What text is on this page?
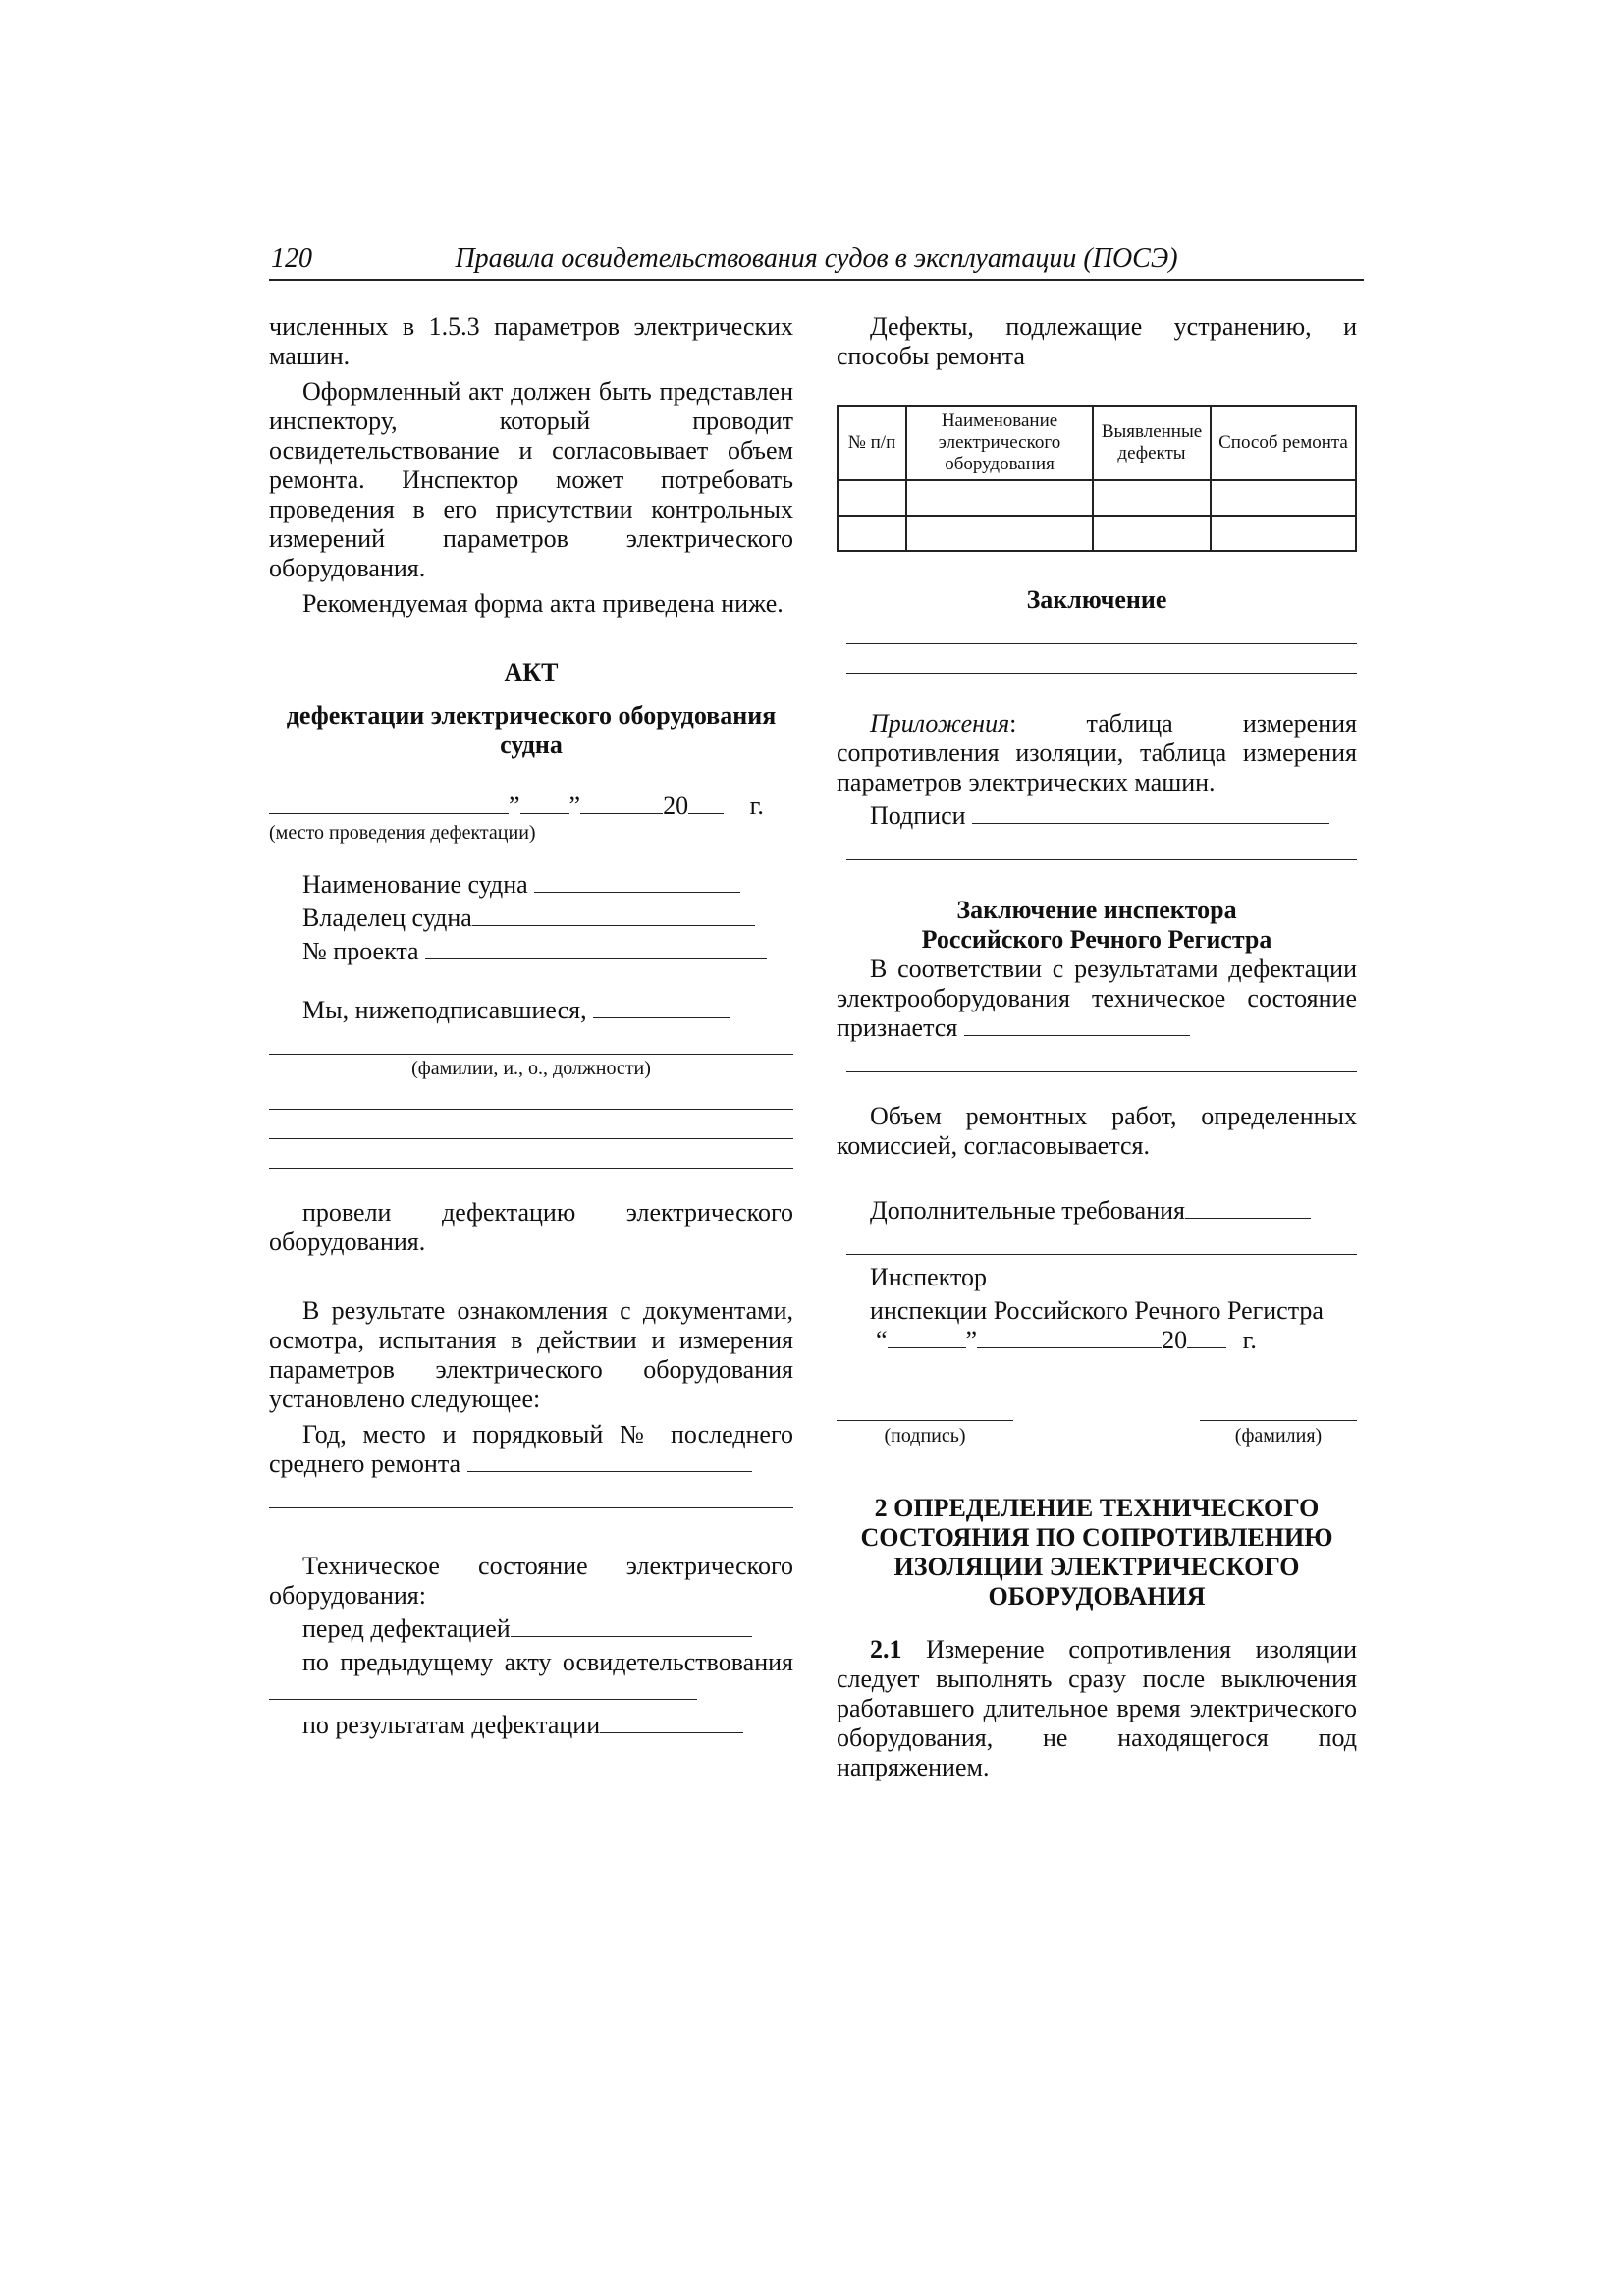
120	Правила освидетельствования судов в эксплуатации (ПОСЭ)

численных в 1.5.3 параметров электрических машин.

Оформленный акт должен быть представлен инспектору, который проводит освидетельствование и согласовывает объем ремонта. Инспектор может потребовать проведения в его присутствии контрольных измерений параметров электрического оборудования.

Рекомендуемая форма акта приведена ниже.

АКТ
дефектации электрического оборудования судна
” ”	20 г.
(место проведения дефектации)
Наименование судна
Владелец судна
№ проекта
Мы, нижеподписавшиеся,
(фамилии, и., о., должности)

провели дефектацию электрического оборудования.

В результате ознакомления с документами, осмотра, испытания в действии и измерения параметров электрического оборудования установлено следующее:

Год, место и порядковый № последнего среднего ремонта

Техническое состояние электрического оборудования:

перед дефектацией

по предыдущему акту освидетельствования

по результатам дефектации

Дефекты, подлежащие устранению, и способы ремонта

№ п/п	Наименование электрического оборудования	Выявленные дефекты	Способ ремонта

Заключение

Приложения: таблица измерения сопротивления изоляции, таблица измерения параметров электрических машин.

Подписи
Заключение инспектора
Российского Речного Регистра

В соответствии с результатами дефектации электрооборудования техническое состояние признается

Объем ремонтных работ, определенных комиссией, согласовывается.

Дополнительные требования
Инспектор

инспекции Российского Речного Регистра

“	”	20 г.
(подпись)	(фамилия)
2 ОПРЕДЕЛЕНИЕ ТЕХНИЧЕСКОГО СОСТОЯНИЯ ПО СОПРОТИВЛЕНИЮ ИЗОЛЯЦИИ ЭЛЕКТРИЧЕСКОГО ОБОРУДОВАНИЯ

2.1 Измерение сопротивления изоляции следует выполнять сразу после выключения работавшего длительное время электрического оборудования, не находящегося под напряжением.
